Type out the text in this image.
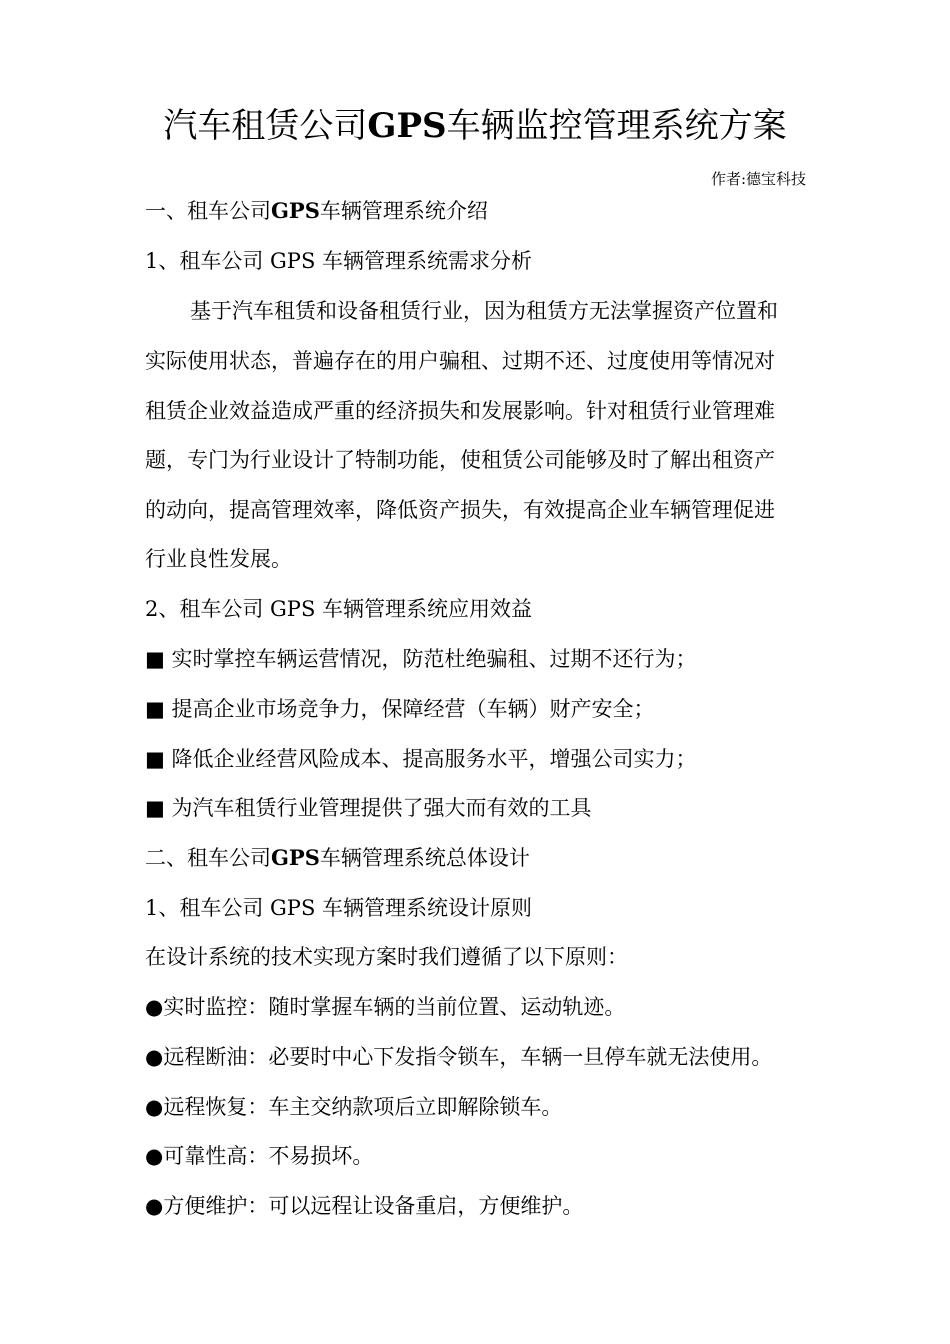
汽车租赁公司GPS车辆监控管理系统方案
作者:德宝科技
一、租车公司GPS车辆管理系统介绍
1、租车公司 GPS 车辆管理系统需求分析
基于汽车租赁和设备租赁行业，因为租赁方无法掌握资产位置和
实际使用状态，普遍存在的用户骗租、过期不还、过度使用等情况对
租赁企业效益造成严重的经济损失和发展影响。针对租赁行业管理难
题，专门为行业设计了特制功能，使租赁公司能够及时了解出租资产
的动向，提高管理效率，降低资产损失，有效提高企业车辆管理促进
行业良性发展。
2、租车公司 GPS 车辆管理系统应用效益
■ 实时掌控车辆运营情况，防范杜绝骗租、过期不还行为；
■ 提高企业市场竞争力，保障经营（车辆）财产安全；
■ 降低企业经营风险成本、提高服务水平，增强公司实力；
■ 为汽车租赁行业管理提供了强大而有效的工具
二、租车公司GPS车辆管理系统总体设计
1、租车公司 GPS 车辆管理系统设计原则
在设计系统的技术实现方案时我们遵循了以下原则：
●实时监控：随时掌握车辆的当前位置、运动轨迹。
●远程断油：必要时中心下发指令锁车，车辆一旦停车就无法使用。
●远程恢复：车主交纳款项后立即解除锁车。
●可靠性高：不易损坏。
●方便维护：可以远程让设备重启，方便维护。
